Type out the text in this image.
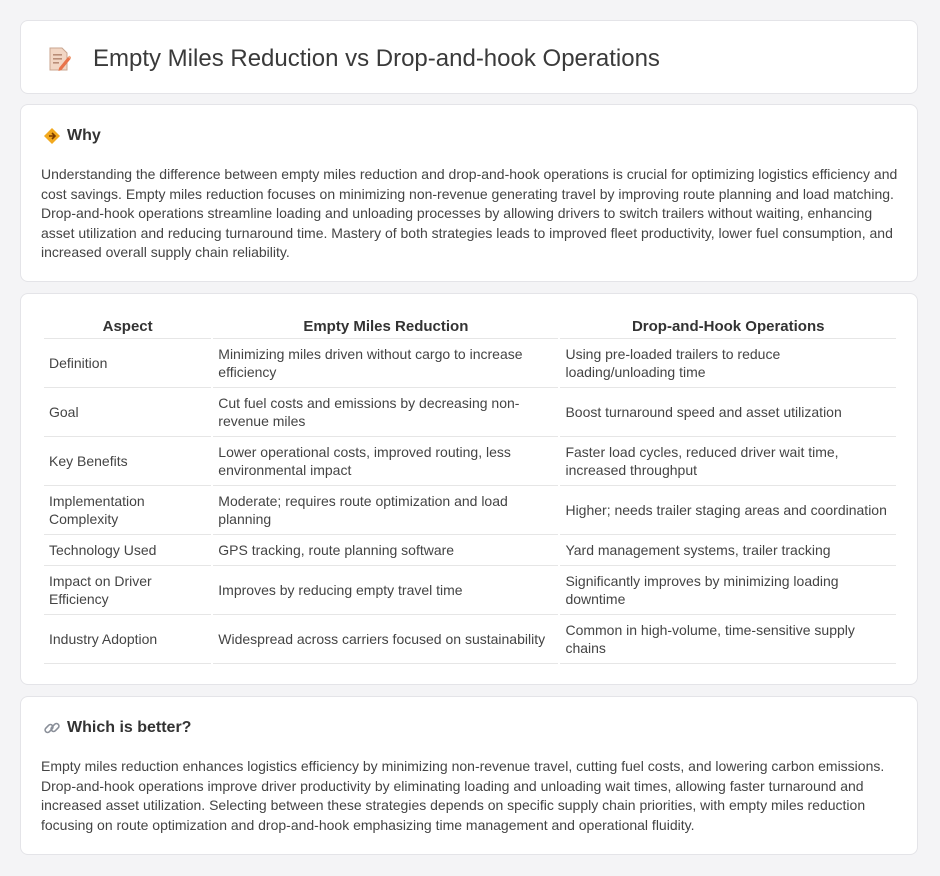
Empty Miles Reduction vs Drop-and-hook Operations
Why

Understanding the difference between empty miles reduction and drop-and-hook operations is crucial for optimizing logistics efficiency and cost savings. Empty miles reduction focuses on minimizing non-revenue generating travel by improving route planning and load matching. Drop-and-hook operations streamline loading and unloading processes by allowing drivers to switch trailers without waiting, enhancing asset utilization and reducing turnaround time. Mastery of both strategies leads to improved fleet productivity, lower fuel consumption, and increased overall supply chain reliability.

Aspect	Empty Miles Reduction	Drop-and-Hook Operations
Definition	Minimizing miles driven without cargo to increase efficiency	Using pre-loaded trailers to reduce loading/unloading time
Goal	Cut fuel costs and emissions by decreasing non-revenue miles	Boost turnaround speed and asset utilization
Key Benefits	Lower operational costs, improved routing, less environmental impact	Faster load cycles, reduced driver wait time, increased throughput
Implementation Complexity	Moderate; requires route optimization and load planning	Higher; needs trailer staging areas and coordination
Technology Used	GPS tracking, route planning software	Yard management systems, trailer tracking
Impact on Driver Efficiency	Improves by reducing empty travel time	Significantly improves by minimizing loading downtime
Industry Adoption	Widespread across carriers focused on sustainability	Common in high-volume, time-sensitive supply chains
Which is better?

Empty miles reduction enhances logistics efficiency by minimizing non-revenue travel, cutting fuel costs, and lowering carbon emissions. Drop-and-hook operations improve driver productivity by eliminating loading and unloading wait times, allowing faster turnaround and increased asset utilization. Selecting between these strategies depends on specific supply chain priorities, with empty miles reduction focusing on route optimization and drop-and-hook emphasizing time management and operational fluidity.
